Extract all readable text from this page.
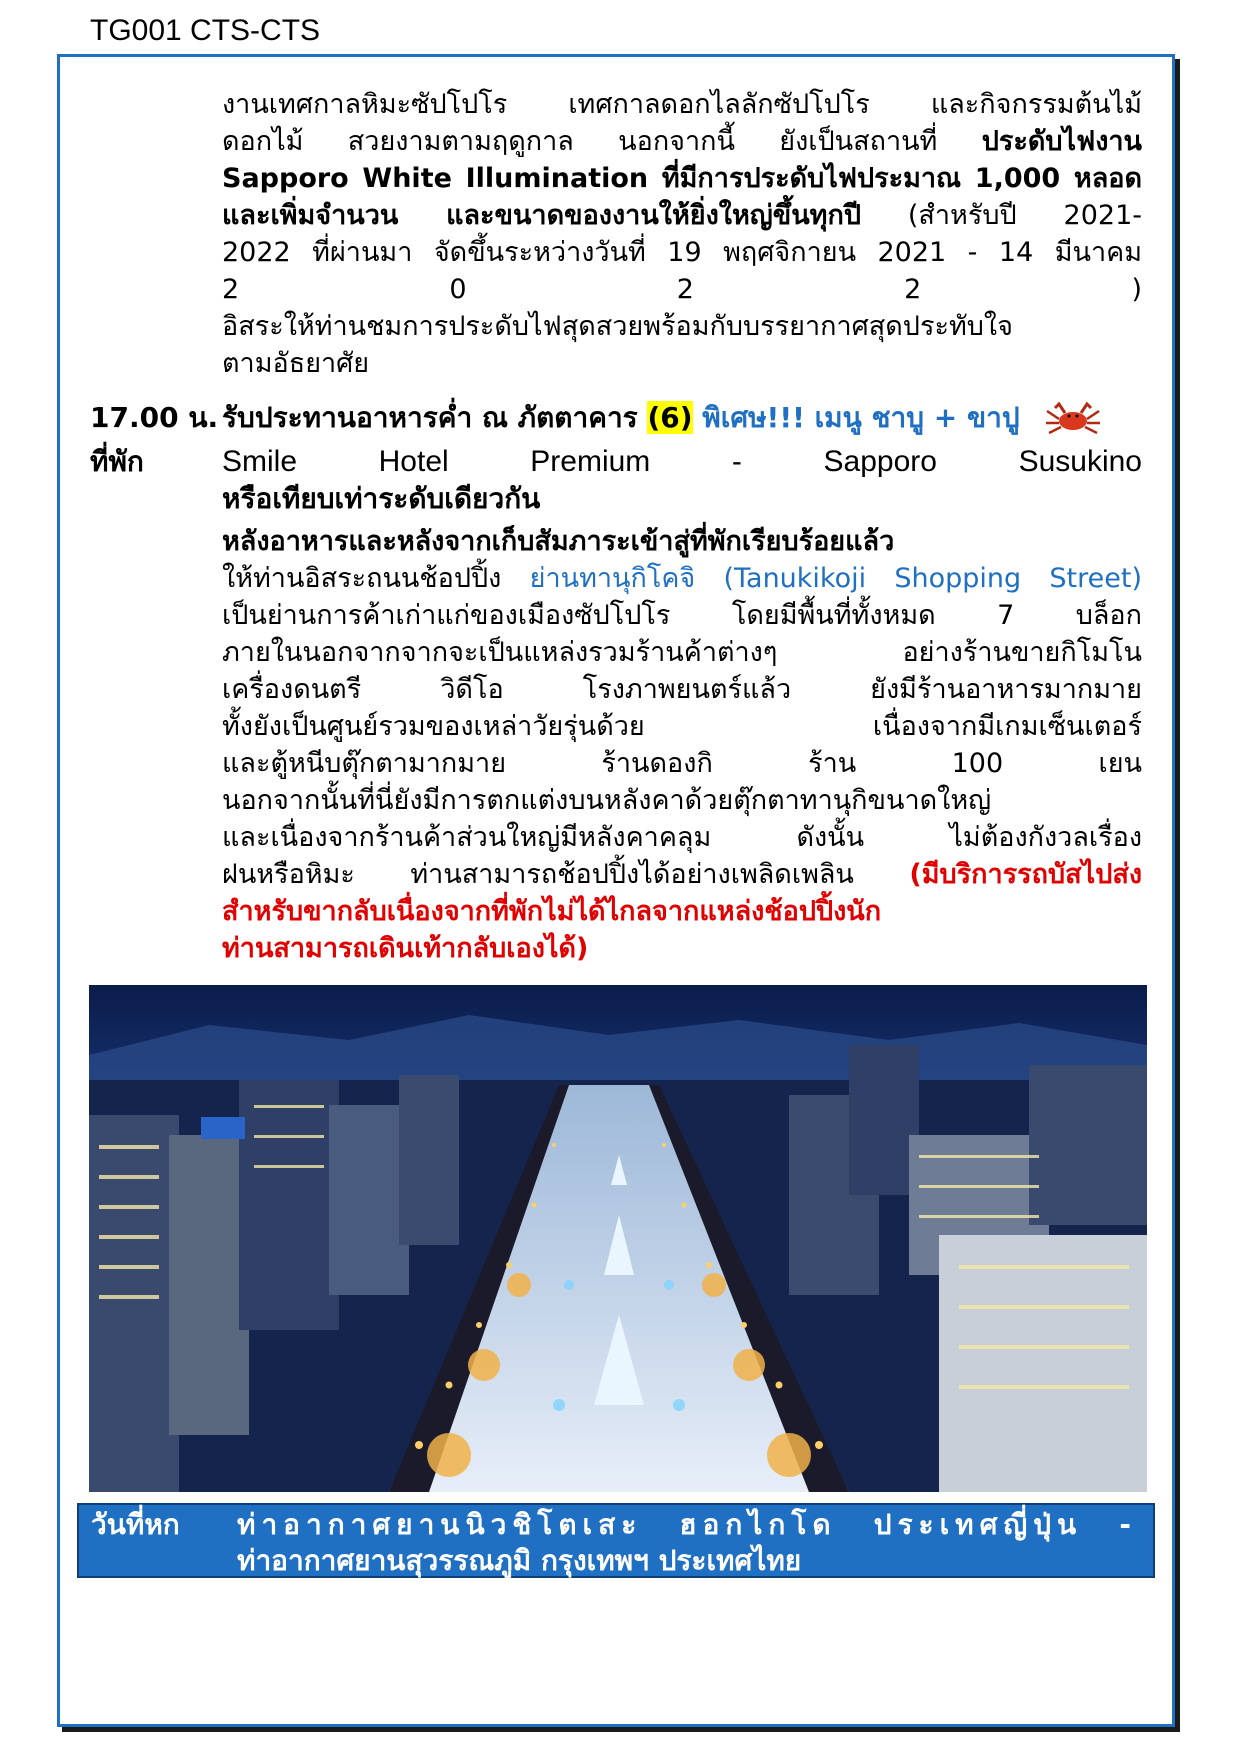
TG001 CTS-CTS
งานเทศกาลหิมะซัปโปโร เทศกาลดอกไลลักซัปโปโร และกิจกรรมต้นไม้
ดอกไม้ สวยงามตามฤดูกาล นอกจากนี้ ยังเป็นสถานที่ ประดับไฟงาน
Sapporo White Illumination ที่มีการประดับไฟประมาณ 1,000 หลอด
และเพิ่มจำนวน และขนาดของงานให้ยิ่งใหญ่ขึ้นทุกปี (สำหรับปี 2021-
2022 ที่ผ่านมา จัดขึ้นระหว่างวันที่ 19 พฤศจิกายน 2021 - 14 มีนาคม
2 0 2 2 )
อิสระให้ท่านชมการประดับไฟสุดสวยพร้อมกับบรรยากาศสุดประทับใจ
ตามอัธยาศัย
17.00 น. รับประทานอาหารค่ำ ณ ภัตตาคาร (6) พิเศษ!!! เมนู ชาบู + ขาปู
ที่พัก	Smile Hotel Premium - Sapporo Susukino
หรือเทียบเท่าระดับเดียวกัน
หลังอาหารและหลังจากเก็บสัมภาระเข้าสู่ที่พักเรียบร้อยแล้ว
ให้ท่านอิสระถนนช้อปปิ้ง ย่านทานุกิโคจิ (Tanukikoji Shopping Street)
เป็นย่านการค้าเก่าแก่ของเมืองซัปโปโร โดยมีพื้นที่ทั้งหมด 7 บล็อก
ภายในนอกจากจากจะเป็นแหล่งรวมร้านค้าต่างๆ อย่างร้านขายกิโมโน
เครื่องดนตรี วิดีโอ โรงภาพยนตร์แล้ว ยังมีร้านอาหารมากมาย
ทั้งยังเป็นศูนย์รวมของเหล่าวัยรุ่นด้วย เนื่องจากมีเกมเซ็นเตอร์
และตู้หนีบตุ๊กตามากมาย ร้านดองกิ ร้าน 100 เยน
นอกจากนั้นที่นี่ยังมีการตกแต่งบนหลังคาด้วยตุ๊กตาทานุกิขนาดใหญ่
และเนื่องจากร้านค้าส่วนใหญ่มีหลังคาคลุม ดังนั้น ไม่ต้องกังวลเรื่อง
ฝนหรือหิมะ ท่านสามารถช้อปปิ้งได้อย่างเพลิดเพลิน (มีบริการรถบัสไปส่ง
สำหรับขากลับเนื่องจากที่พักไม่ได้ไกลจากแหล่งช้อปปิ้งนัก
ท่านสามารถเดินเท้ากลับเองได้)
วันที่หก ท่าอากาศยานนิวชิโตเสะ ฮอกไกโด ประเทศญี่ปุ่น -
ท่าอากาศยานสุวรรณภูมิ กรุงเทพฯ ประเทศไทย
